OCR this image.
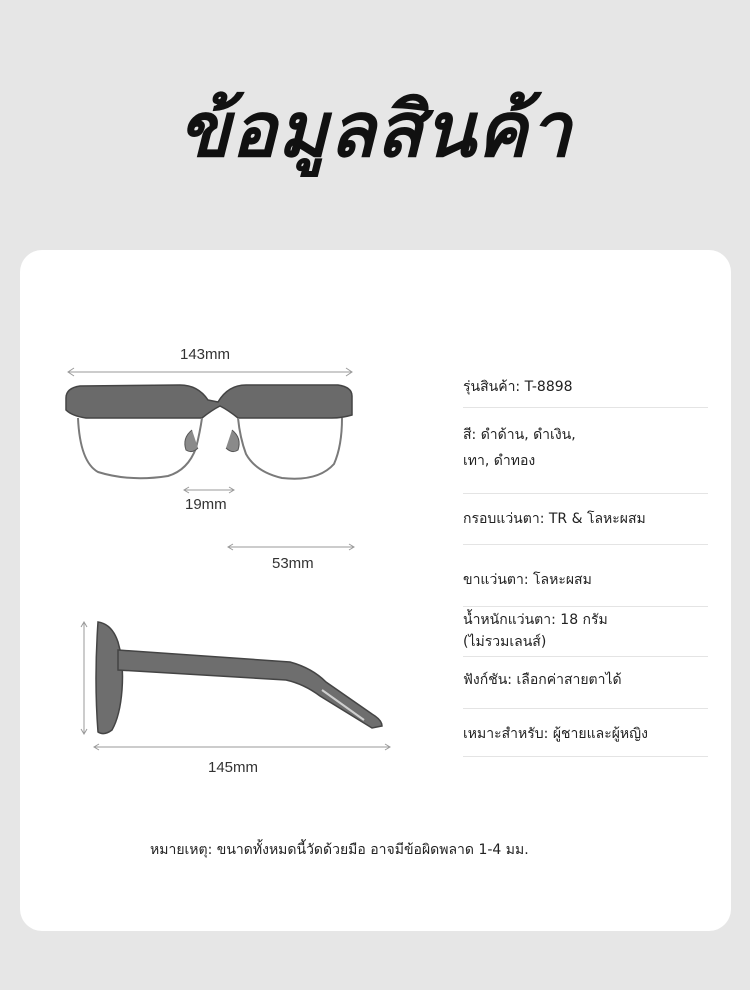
ข้อมูลสินค้า
143mm
19mm
53mm
145mm
รุ่นสินค้า: T-8898
สี: ดำด้าน, ดำเงิน,
เทา, ดำทอง
กรอบแว่นตา: TR & โลหะผสม
ขาแว่นตา: โลหะผสม
น้ำหนักแว่นตา: 18 กรัม
(ไม่รวมเลนส์)
ฟังก์ชัน: เลือกค่าสายตาได้
เหมาะสำหรับ: ผู้ชายและผู้หญิง
หมายเหตุ: ขนาดทั้งหมดนี้วัดด้วยมือ อาจมีข้อผิดพลาด 1-4 มม.
